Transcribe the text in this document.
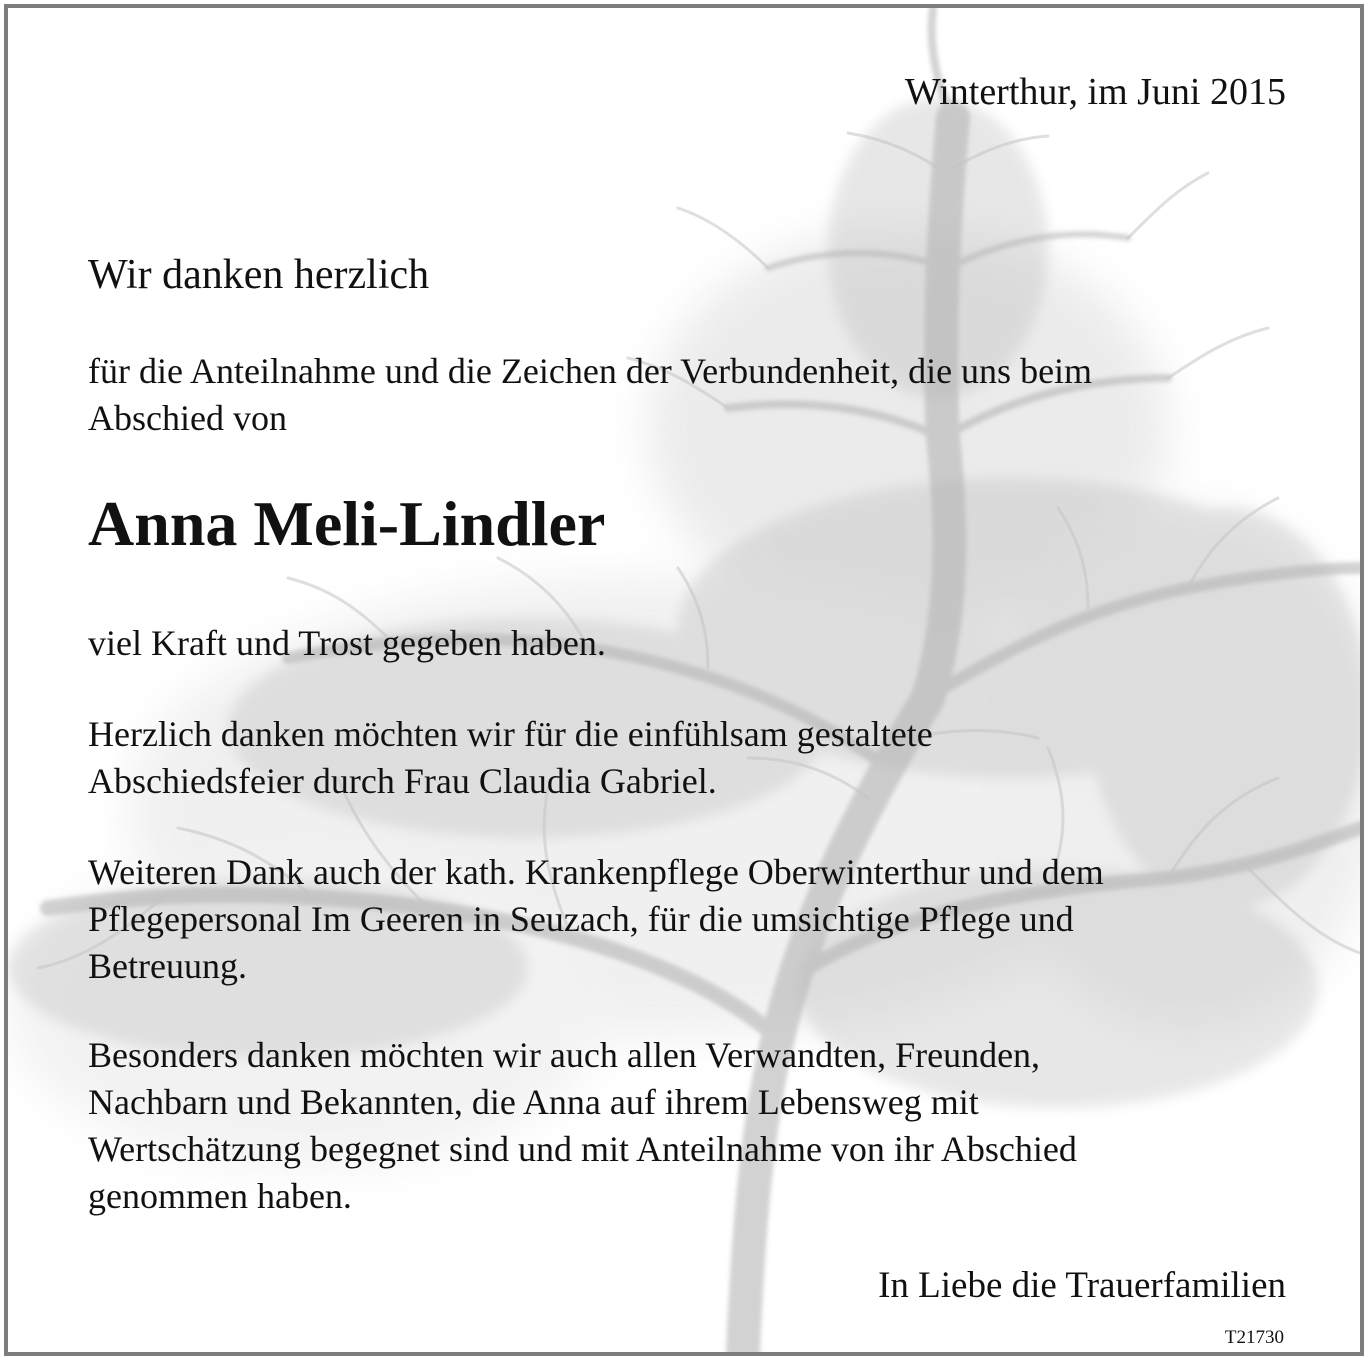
Winterthur, im Juni 2015
Wir danken herzlich
für die Anteilnahme und die Zeichen der Verbundenheit, die uns beim
Abschied von
Anna Meli-Lindler
viel Kraft und Trost gegeben haben.
Herzlich danken möchten wir für die einfühlsam gestaltete
Abschiedsfeier durch Frau Claudia Gabriel.
Weiteren Dank auch der kath. Krankenpflege Oberwinterthur und dem
Pflegepersonal Im Geeren in Seuzach, für die umsichtige Pflege und
Betreuung.
Besonders danken möchten wir auch allen Verwandten, Freunden,
Nachbarn und Bekannten, die Anna auf ihrem Lebensweg mit
Wertschätzung begegnet sind und mit Anteilnahme von ihr Abschied
genommen haben.
In Liebe die Trauerfamilien
T21730
